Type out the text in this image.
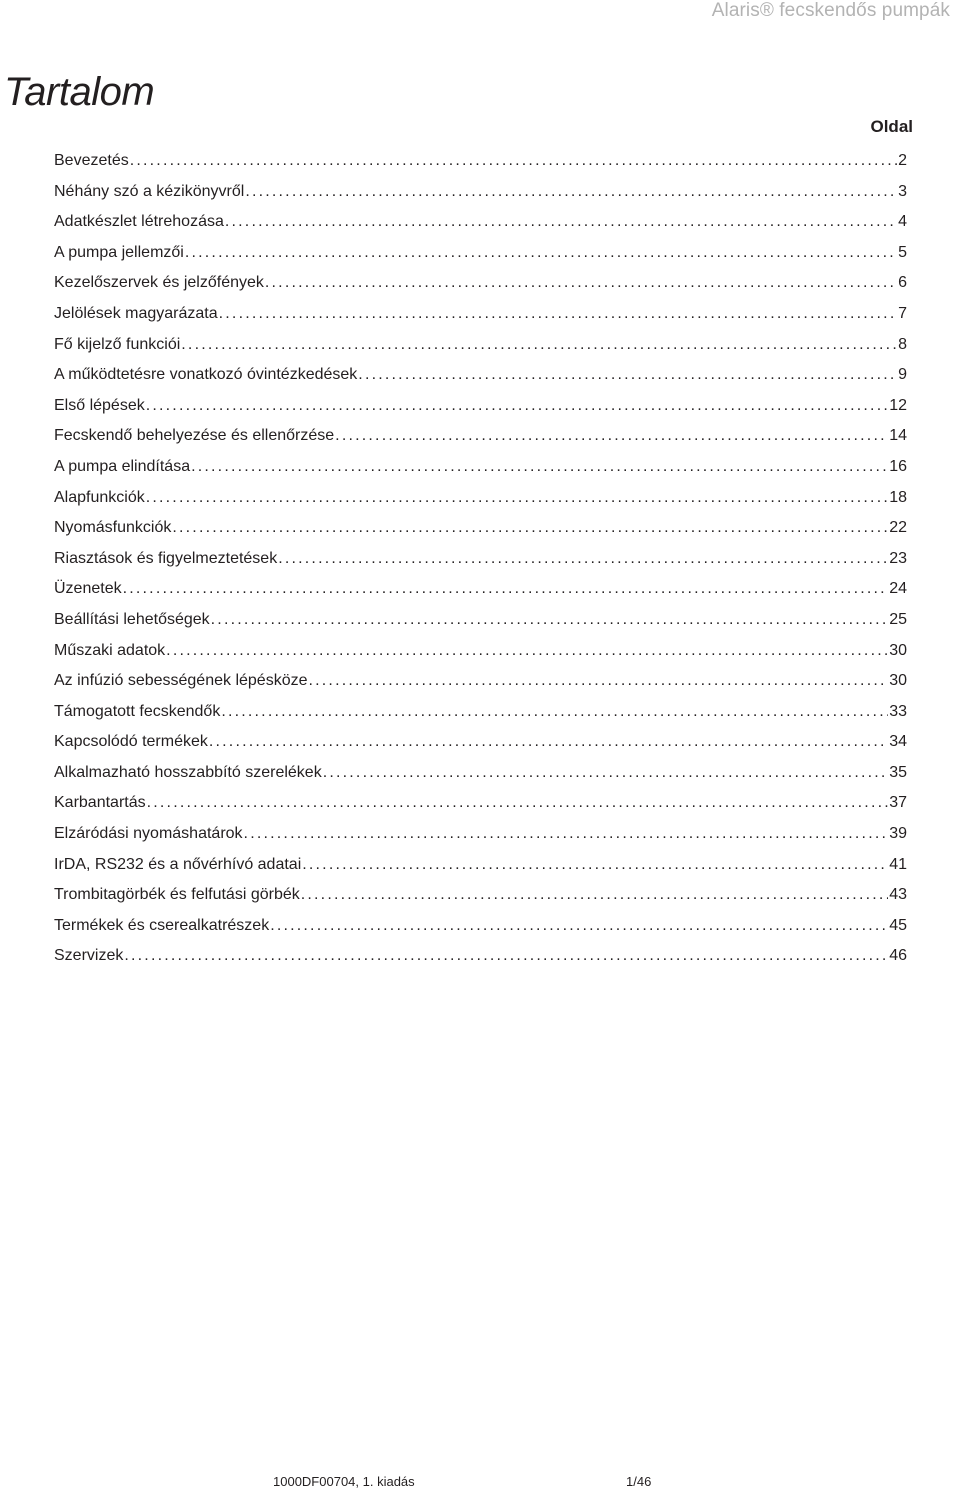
Alaris® fecskendős pumpák
Tartalom
Oldal
Bevezetés .....	2
Néhány szó a kézikönyvről .....	3
Adatkészlet létrehozása .....	4
A pumpa jellemzői .....	5
Kezelőszervek és jelzőfények .....	6
Jelölések magyarázata .....	7
Fő kijelző funkciói .....	8
A működtetésre vonatkozó óvintézkedések .....	9
Első lépések .....	12
Fecskendő behelyezése és ellenőrzése .....	14
A pumpa elindítása .....	16
Alapfunkciók .....	18
Nyomásfunkciók .....	22
Riasztások és figyelmeztetések .....	23
Üzenetek .....	24
Beállítási lehetőségek .....	25
Műszaki adatok .....	30
Az infúzió sebességének lépésköze .....	30
Támogatott fecskendők .....	33
Kapcsolódó termékek .....	34
Alkalmazható hosszabbító szerelékek .....	35
Karbantartás .....	37
Elzáródási nyomáshatárok .....	39
IrDA, RS232 és a nővérhívó adatai .....	41
Trombitagörbék és felfutási görbék .....	43
Termékek és cserealkatrészek .....	45
Szervizek .....	46
1000DF00704, 1. kiadás	1/46
